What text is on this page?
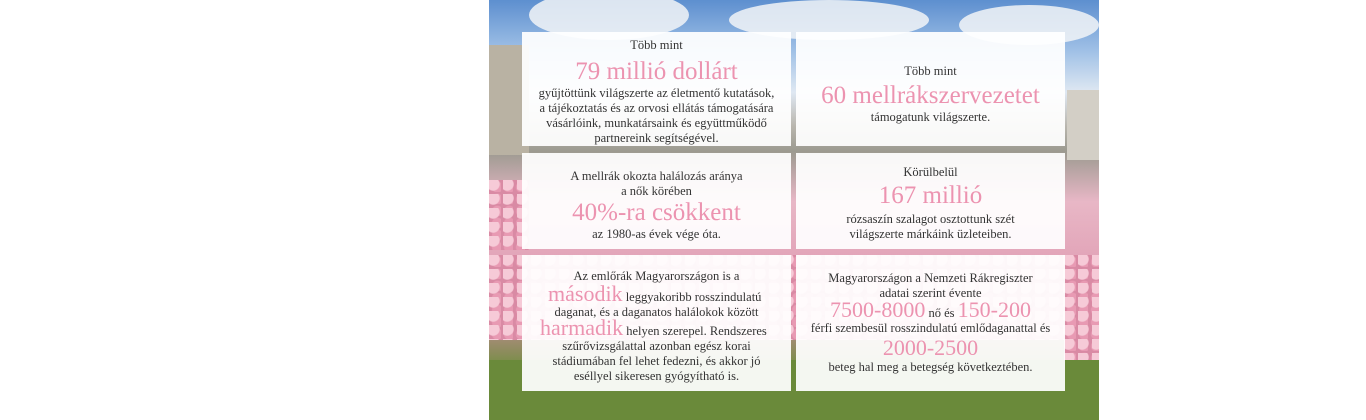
Több mint
79 millió dollárt
gyűjtöttünk világszerte az életmentő kutatások,
a tájékoztatás és az orvosi ellátás támogatására
vásárlóink, munkatársaink és együttműködő
partnereink segítségével.
Több mint
60 mellrákszervezetet
támogatunk világszerte.
A mellrák okozta halálozás aránya
a nők körében
40%-ra csökkent
az 1980-as évek vége óta.
Körülbelül
167 millió
rózsaszín szalagot osztottunk szét
világszerte márkáink üzleteiben.
Az emlőrák Magyarországon is a
második leggyakoribb rosszindulatú
daganat, és a daganatos halálokok között
harmadik helyen szerepel. Rendszeres
szűrővizsgálattal azonban egész korai
stádiumában fel lehet fedezni, és akkor jó
eséllyel sikeresen gyógyítható is.
Magyarországon a Nemzeti Rákregiszter
adatai szerint évente
7500-8000 nő és 150-200
férfi szembesül rosszindulatú emlődaganattal és
2000-2500
beteg hal meg a betegség következtében.
